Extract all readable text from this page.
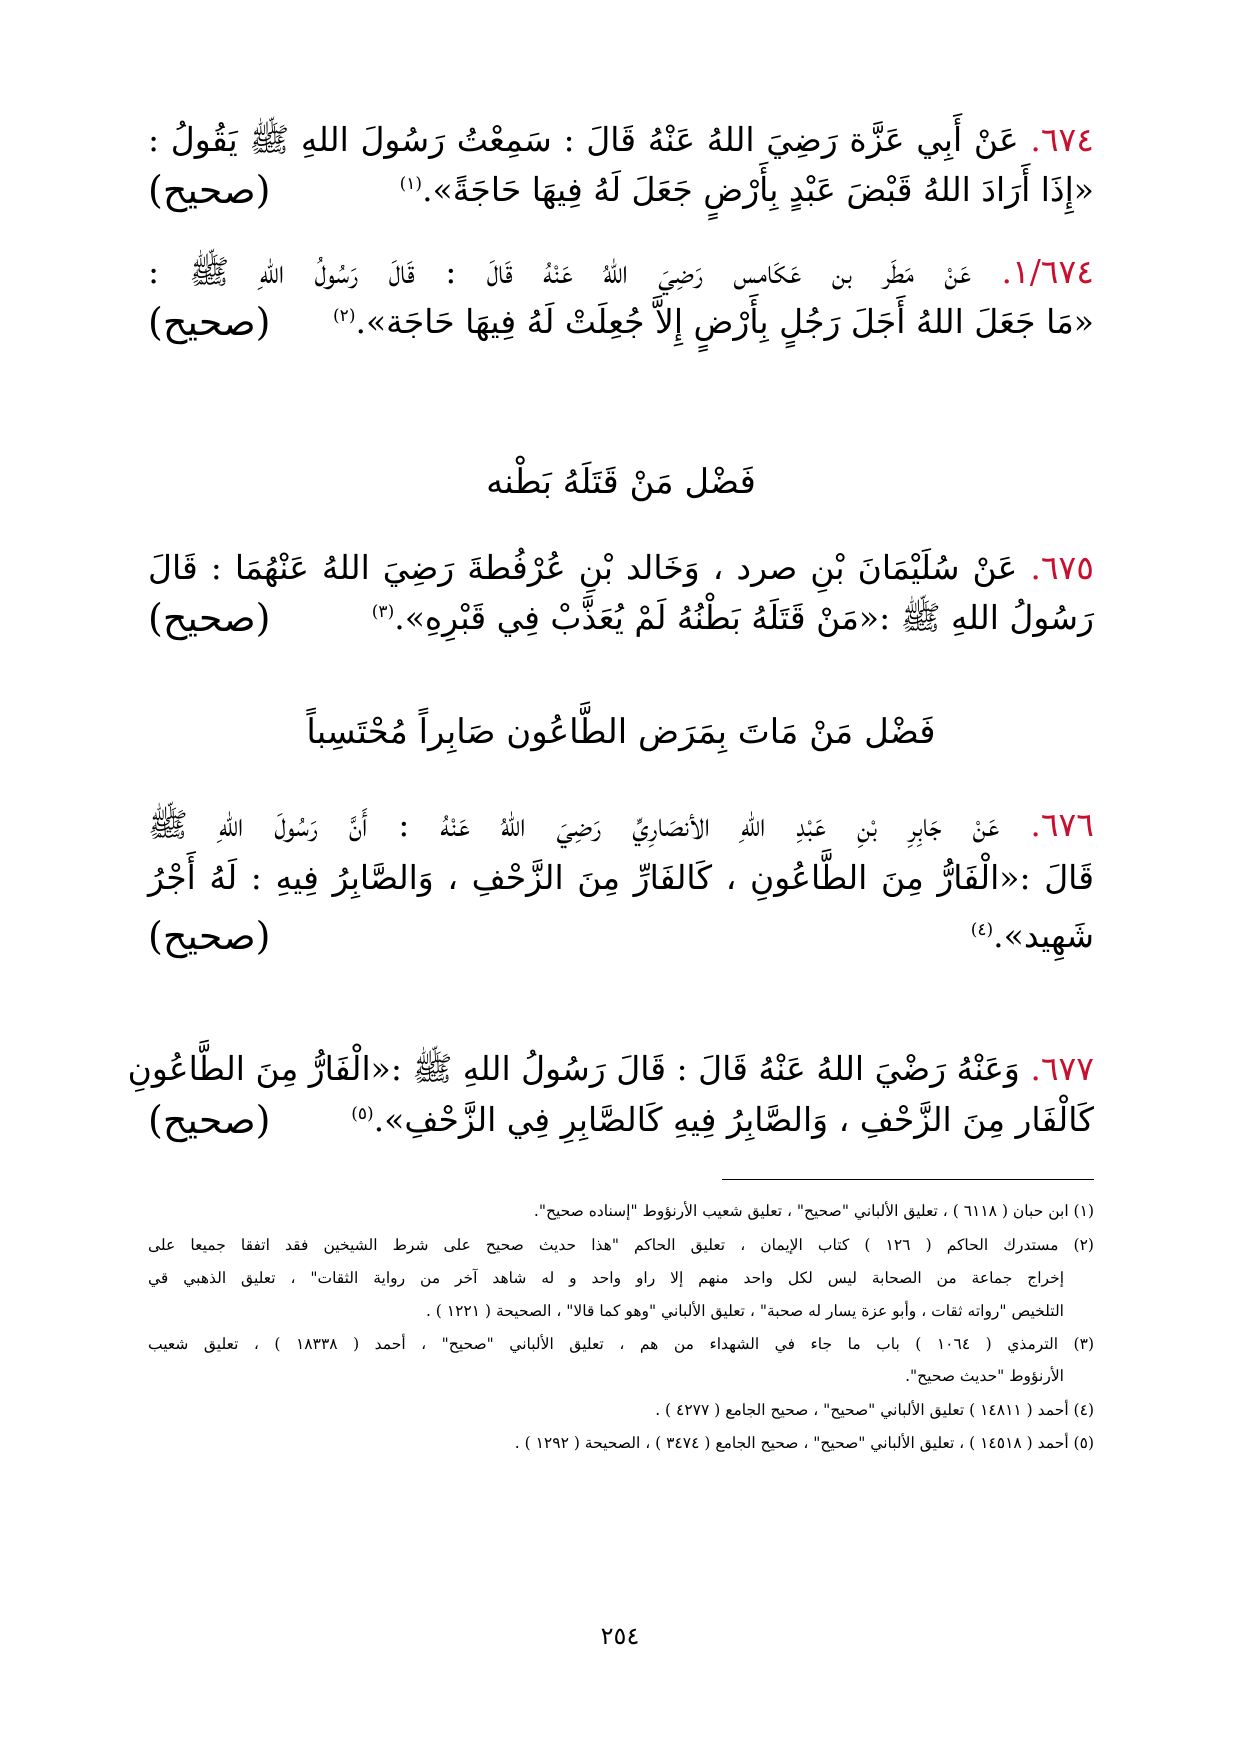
٦٧٤. عَنْ أَبِي عَزَّة رَضِيَ اللهُ عَنْهُ قَالَ : سَمِعْتُ رَسُولَ اللهِ ﷺ يَقُولُ :
«إِذَا أَرَادَ اللهُ قَبْضَ عَبْدٍ بِأَرْضٍ جَعَلَ لَهُ فِيهَا حَاجَةً».$^{(١)}$
(صحيح)
١/٦٧٤. عَنْ مَطَر بن عَكَامس رَضِيَ اللهُ عَنْهُ قَالَ : قَالَ رَسُولُ اللهِ ﷺ :
«مَا جَعَلَ اللهُ أَجَلَ رَجُلٍ بِأَرْضٍ إِلاَّ جُعِلَتْ لَهُ فِيهَا حَاجَة».$^{(٢)}$
(صحيح)
فَضْل مَنْ قَتَلَهُ بَطْنه
٦٧٥. عَنْ سُلَيْمَانَ بْنِ صرد ، وَخَالد بْنِ عُرْفُطةَ رَضِيَ اللهُ عَنْهُمَا : قَالَ
رَسُولُ اللهِ ﷺ :«مَنْ قَتَلَهُ بَطْنُهُ لَمْ يُعَذَّبْ فِي قَبْرِهِ».$^{(٣)}$
(صحيح)
فَضْل مَنْ مَاتَ بِمَرَض الطَّاعُون صَابِراً مُحْتَسِباً
٦٧٦. عَنْ جَابِرِ بْنِ عَبْدِ اللهِ الأنصَارِيِّ رَضِيَ اللهُ عَنْهُ : أَنَّ رَسُولَ اللهِ ﷺ
قَالَ :«الْفَارُّ مِنَ الطَّاعُونِ ، كَالفَارِّ مِنَ الزَّحْفِ ، وَالصَّابِرُ فِيهِ : لَهُ أَجْرُ
شَهِيد».$^{(٤)}$
(صحيح)
٦٧٧. وَعَنْهُ رَضْيَ اللهُ عَنْهُ قَالَ : قَالَ رَسُولُ اللهِ ﷺ :«الْفَارُّ مِنَ الطَّاعُونِ
كَالْفَار مِنَ الزَّحْفِ ، وَالصَّابِرُ فِيهِ كَالصَّابِرِ فِي الزَّحْفِ».$^{(٥)}$
(صحيح)
(١) ابن حبان ( ٦١١٨ ) ، تعليق الألباني "صحيح" ، تعليق شعيب الأرنؤوط "إسناده صحيح".
(٢) مستدرك الحاكم ( ١٢٦ ) كتاب الإيمان ، تعليق الحاكم "هذا حديث صحيح على شرط الشيخين فقد اتفقا جميعا على
إخراج جماعة من الصحابة ليس لكل واحد منهم إلا راو واحد و له شاهد آخر من رواية الثقات" ، تعليق الذهبي قي
التلخيص "رواته ثقات ، وأبو عزة يسار له صحبة" ، تعليق الألباني "وهو كما قالا" ، الصحيحة ( ١٢٢١ ) .
(٣) الترمذي ( ١٠٦٤ ) باب ما جاء في الشهداء من هم ، تعليق الألباني "صحيح" ، أحمد ( ١٨٣٣٨ ) ، تعليق شعيب
الأرنؤوط "حديث صحيح".
(٤) أحمد ( ١٤٨١١ ) تعليق الألباني "صحيح" ، صحيح الجامع ( ٤٢٧٧ ) .
(٥) أحمد ( ١٤٥١٨ ) ، تعليق الألباني "صحيح" ، صحيح الجامع ( ٣٤٧٤ ) ، الصحيحة ( ١٢٩٢ ) .
٢٥٤
